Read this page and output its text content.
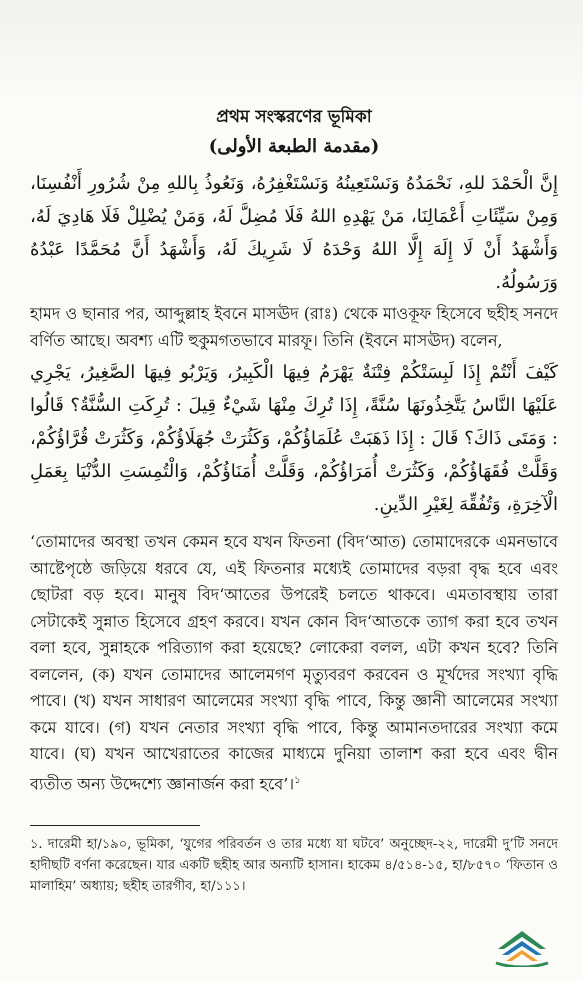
প্রথম সংস্করণের ভূমিকা

(مقدمة الطبعة الأولى)

إِنَّ الْحَمْدَ للهِ، نَحْمَدُهُ وَنَسْتَعِينُهُ وَنَسْتَغْفِرُهُ، وَنَعُوذُ بِاللهِ مِنْ شُرُورِ أَنْفُسِنَا، وَمِنْ سَيِّئَاتِ أَعْمَالِنَا، مَنْ يَهْدِهِ اللهُ فَلَا مُضِلَّ لَهُ، وَمَنْ يُضْلِلْ فَلَا هَادِيَ لَهُ، وَأَشْهَدُ أَنْ لَا إِلَهَ إِلَّا اللهُ وَحْدَهُ لَا شَرِيكَ لَهُ، وَأَشْهَدُ أَنَّ مُحَمَّدًا عَبْدُهُ وَرَسُولُهُ.

হামদ ও ছানার পর, আব্দুল্লাহ ইবনে মাসঊদ (রাঃ) থেকে মাওকূফ হিসেবে ছহীহ সনদে বর্ণিত আছে। অবশ্য এটি হুকুমগতভাবে মারফূ। তিনি (ইবনে মাসঊদ) বলেন,

كَيْفَ أَنْتُمْ إِذَا لَبِسَتْكُمْ فِتْنَةٌ يَهْرَمُ فِيهَا الْكَبِيرُ، وَيَرْبُو فِيهَا الصَّغِيرُ، يَجْرِي عَلَيْهَا النَّاسُ يَتَّخِذُونَهَا سُنَّةً، إِذَا تُرِكَ مِنْهَا شَيْءٌ قِيلَ : تُرِكَتِ السُّنَّةُ؟ قَالُوا : وَمَتَى ذَاكَ؟ قَالَ : إِذَا ذَهَبَتْ عُلَمَاؤُكُمْ، وَكَثُرَتْ جُهَلَاؤُكُمْ، وَكَثُرَتْ قُرَّاؤُكُمْ، وَقَلَّتْ فُقَهَاؤُكُمْ، وَكَثُرَتْ أُمَرَاؤُكُمْ، وَقَلَّتْ أُمَنَاؤُكُمْ، وَالْتُمِسَتِ الدُّنْيَا بِعَمَلِ الْآخِرَةِ، وَتُفُقِّهَ لِغَيْرِ الدِّينِ.

‘তোমাদের অবস্থা তখন কেমন হবে যখন ফিতনা (বিদ‘আত) তোমাদেরকে এমনভাবে আষ্টেপৃষ্ঠে জড়িয়ে ধরবে যে, এই ফিতনার মধ্যেই তোমাদের বড়রা বৃদ্ধ হবে এবং ছোটরা বড় হবে। মানুষ বিদ‘আতের উপরেই চলতে থাকবে। এমতাবস্থায় তারা সেটাকেই সুন্নাত হিসেবে গ্রহণ করবে। যখন কোন বিদ‘আতকে ত্যাগ করা হবে তখন বলা হবে, সুন্নাহকে পরিত্যাগ করা হয়েছে? লোকেরা বলল, এটা কখন হবে? তিনি বললেন, (ক) যখন তোমাদের আলেমগণ মৃত্যুবরণ করবেন ও মূর্খদের সংখ্যা বৃদ্ধি পাবে। (খ) যখন সাধারণ আলেমের সংখ্যা বৃদ্ধি পাবে, কিন্তু জ্ঞানী আলেমের সংখ্যা কমে যাবে। (গ) যখন নেতার সংখ্যা বৃদ্ধি পাবে, কিন্তু আমানতদারের সংখ্যা কমে যাবে। (ঘ) যখন আখেরাতের কাজের মাধ্যমে দুনিয়া তালাশ করা হবে এবং দ্বীন ব্যতীত অন্য উদ্দেশ্যে জ্ঞানার্জন করা হবে’।$^১$

১. দারেমী হা/১৯০, ভূমিকা, ‘যুগের পরিবর্তন ও তার মধ্যে যা ঘটবে’ অনুচ্ছেদ-২২, দারেমী দু’টি সনদে হাদীছটি বর্ণনা করেছেন। যার একটি ছহীহ আর অন্যটি হাসান। হাকেম ৪/৫১৪-১৫, হা/৮৫৭০ ‘ফিতান ও মালাহিম’ অধ্যায়; ছহীহ তারগীব, হা/১১১।
